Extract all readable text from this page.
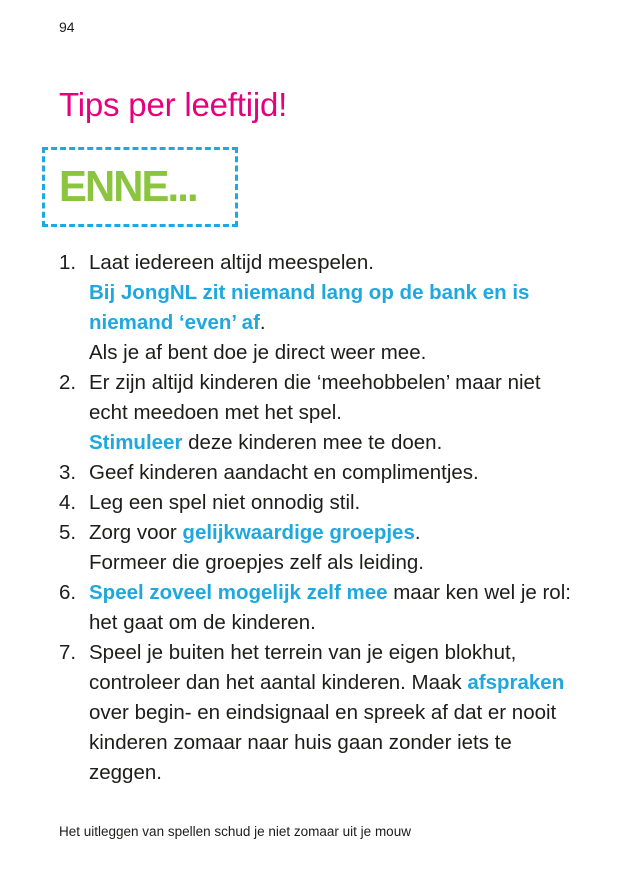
94
Tips per leeftijd!
ENNE...
1. Laat iedereen altijd meespelen.
Bij JongNL zit niemand lang op de bank en is niemand ‘even’ af.
Als je af bent doe je direct weer mee.
2. Er zijn altijd kinderen die ‘meehobbelen’ maar niet echt meedoen met het spel.
Stimuleer deze kinderen mee te doen.
3. Geef kinderen aandacht en complimentjes.
4. Leg een spel niet onnodig stil.
5. Zorg voor gelijkwaardige groepjes.
Formeer die groepjes zelf als leiding.
6. Speel zoveel mogelijk zelf mee maar ken wel je rol: het gaat om de kinderen.
7. Speel je buiten het terrein van je eigen blokhut, controleer dan het aantal kinderen. Maak afspraken over begin- en eindsignaal en spreek af dat er nooit kinderen zomaar naar huis gaan zonder iets te zeggen.
Het uitleggen van spellen schud je niet zomaar uit je mouw
